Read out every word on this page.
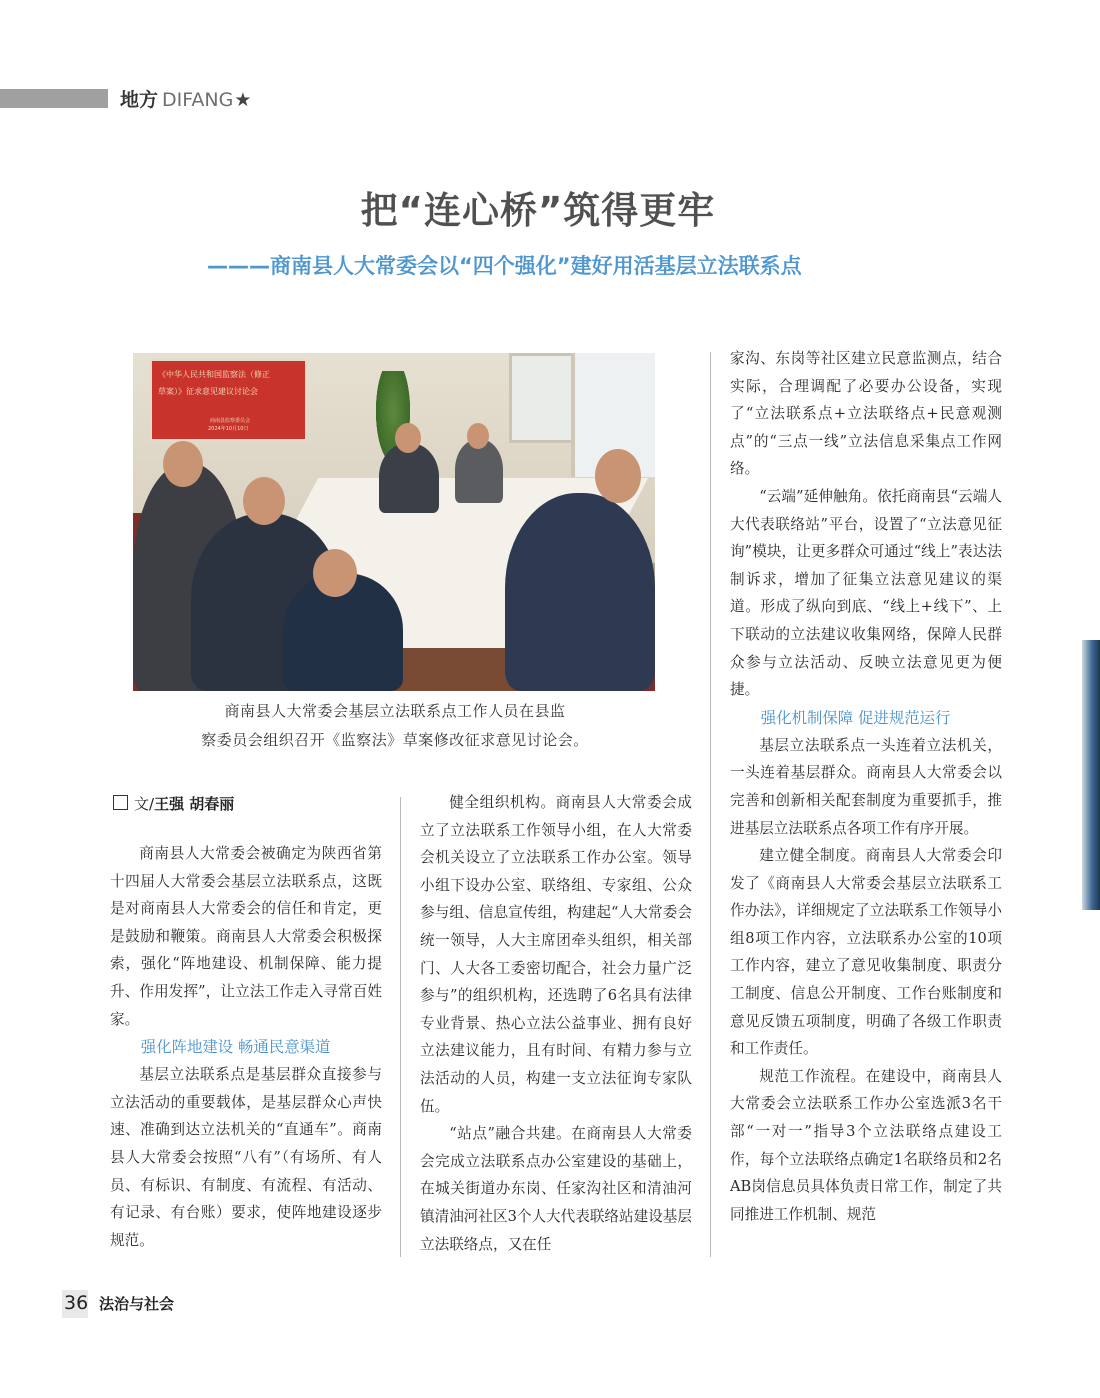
地方 DIFANG★
把“连心桥”筑得更牢
———商南县人大常委会以“四个强化”建好用活基层立法联系点
《中华人民共和国监察法（修正
草案）》征求意见建议讨论会
商南县监察委员会
2024年10月10日
商南县人大常委会基层立法联系点工作人员在县监
察委员会组织召开《监察法》草案修改征求意见讨论会。
文/王强 胡春丽

商南县人大常委会被确定为陕西省第十四届人大常委会基层立法联系点，这既是对商南县人大常委会的信任和肯定，更是鼓励和鞭策。商南县人大常委会积极探索，强化“阵地建设、机制保障、能力提升、作用发挥”，让立法工作走入寻常百姓家。

强化阵地建设 畅通民意渠道

基层立法联系点是基层群众直接参与立法活动的重要载体，是基层群众心声快速、准确到达立法机关的“直通车”。商南县人大常委会按照“八有”（有场所、有人员、有标识、有制度、有流程、有活动、有记录、有台账）要求，使阵地建设逐步规范。

健全组织机构。商南县人大常委会成立了立法联系工作领导小组，在人大常委会机关设立了立法联系工作办公室。领导小组下设办公室、联络组、专家组、公众参与组、信息宣传组，构建起“人大常委会统一领导，人大主席团牵头组织，相关部门、人大各工委密切配合，社会力量广泛参与”的组织机构，还选聘了6名具有法律专业背景、热心立法公益事业、拥有良好立法建议能力，且有时间、有精力参与立法活动的人员，构建一支立法征询专家队伍。

“站点”融合共建。在商南县人大常委会完成立法联系点办公室建设的基础上，在城关街道办东岗、任家沟社区和清油河镇清油河社区3个人大代表联络站建设基层立法联络点，又在任

家沟、东岗等社区建立民意监测点，结合实际，合理调配了必要办公设备，实现了“立法联系点+立法联络点+民意观测点”的“三点一线”立法信息采集点工作网络。

“云端”延伸触角。依托商南县“云端人大代表联络站”平台，设置了“立法意见征询”模块，让更多群众可通过“线上”表达法制诉求，增加了征集立法意见建议的渠道。形成了纵向到底、“线上+线下”、上下联动的立法建议收集网络，保障人民群众参与立法活动、反映立法意见更为便捷。

强化机制保障 促进规范运行

基层立法联系点一头连着立法机关，一头连着基层群众。商南县人大常委会以完善和创新相关配套制度为重要抓手，推进基层立法联系点各项工作有序开展。

建立健全制度。商南县人大常委会印发了《商南县人大常委会基层立法联系工作办法》，详细规定了立法联系工作领导小组8项工作内容，立法联系办公室的10项工作内容，建立了意见收集制度、职责分工制度、信息公开制度、工作台账制度和意见反馈五项制度，明确了各级工作职责和工作责任。

规范工作流程。在建设中，商南县人大常委会立法联系工作办公室选派3名干部“一对一”指导3个立法联络点建设工作，每个立法联络点确定1名联络员和2名AB岗信息员具体负责日常工作，制定了共同推进工作机制、规范

36 法治与社会
